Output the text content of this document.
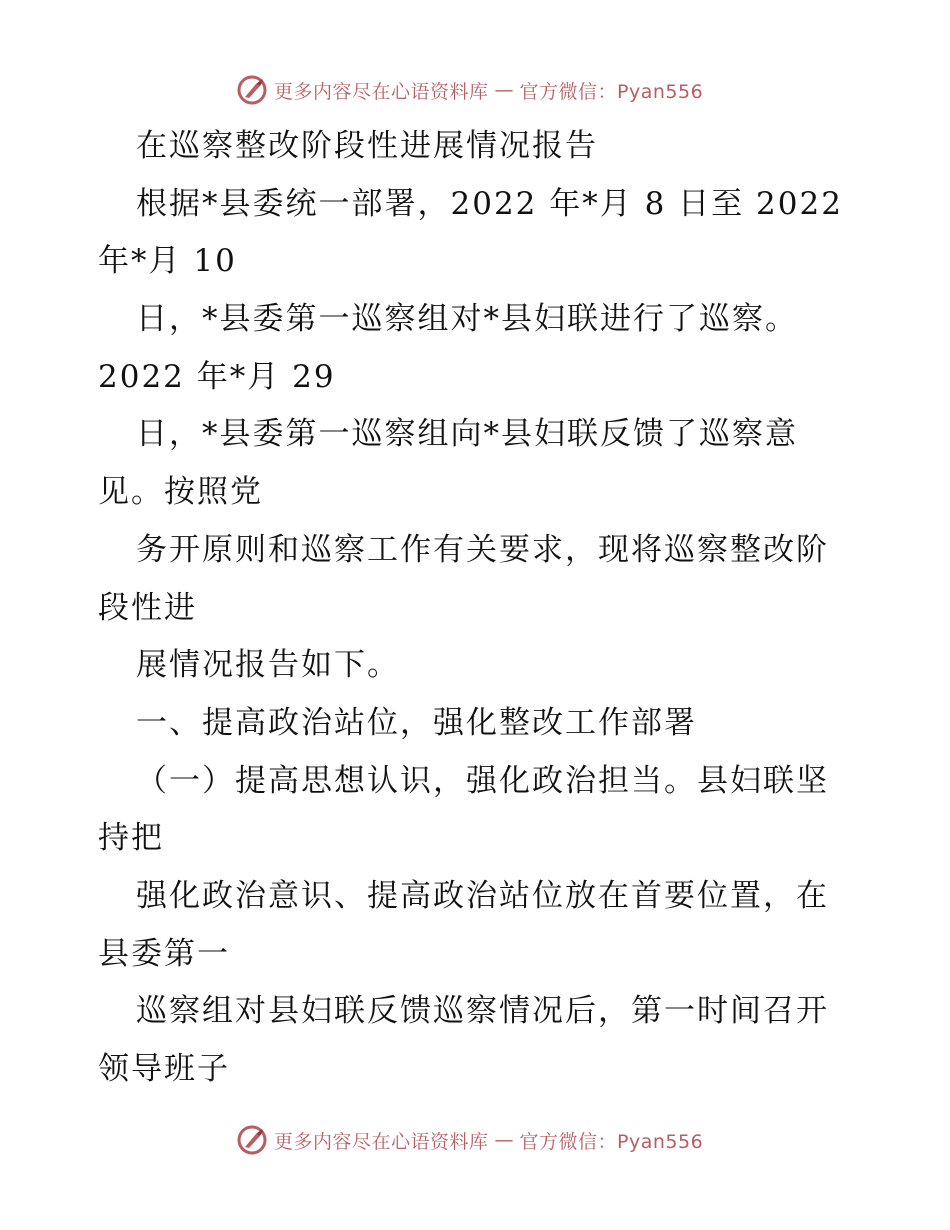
更多内容尽在心语资料库 — 官方微信：Pyan556
在巡察整改阶段性进展情况报告
根据*县委统一部署，2022 年*月 8 日至 2022
年*月 10
日，*县委第一巡察组对*县妇联进行了巡察。
2022 年*月 29
日，*县委第一巡察组向*县妇联反馈了巡察意
见。按照党
务开原则和巡察工作有关要求，现将巡察整改阶
段性进
展情况报告如下。
一、提高政治站位，强化整改工作部署
（一）提高思想认识，强化政治担当。县妇联坚
持把
强化政治意识、提高政治站位放在首要位置，在
县委第一
巡察组对县妇联反馈巡察情况后，第一时间召开
领导班子
更多内容尽在心语资料库 — 官方微信：Pyan556
